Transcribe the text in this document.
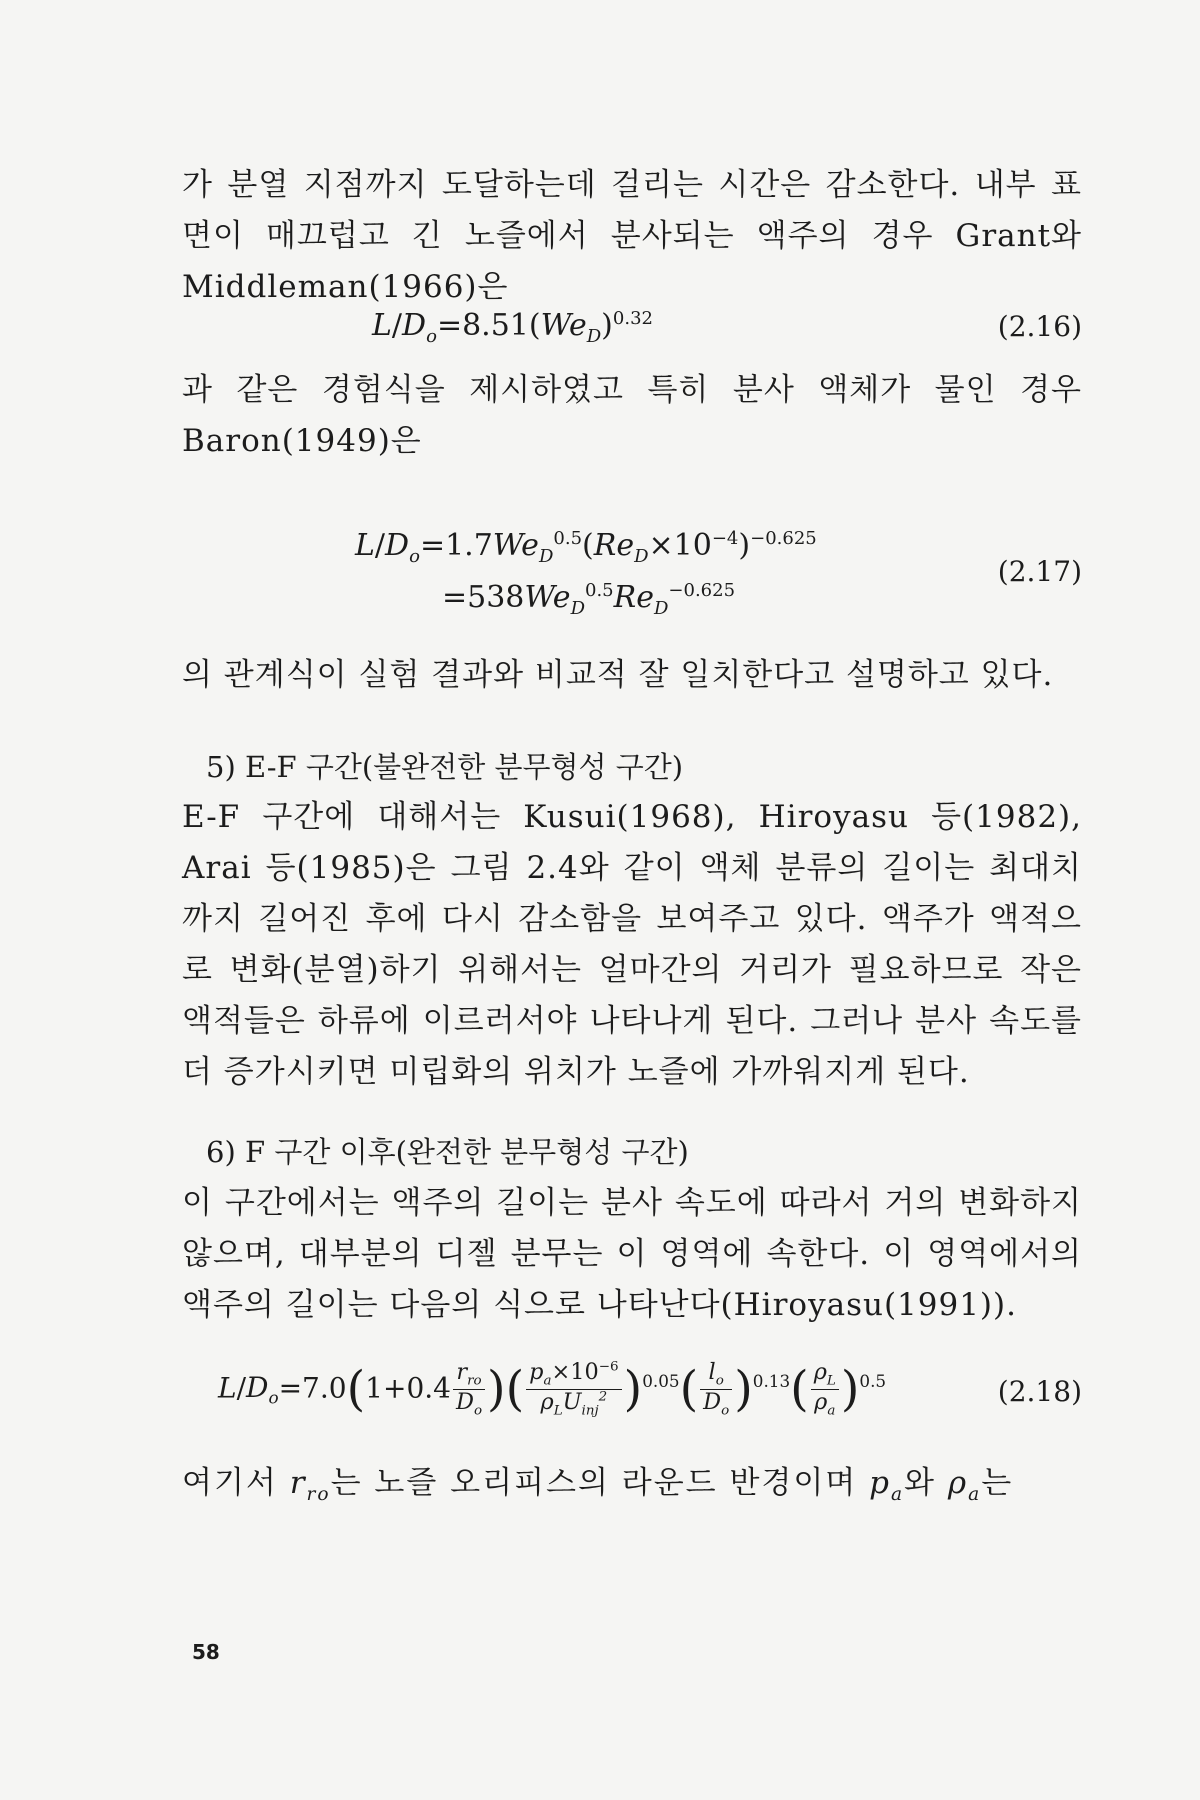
가 분열 지점까지 도달하는데 걸리는 시간은 감소한다. 내부 표면이 매끄럽고 긴 노즐에서 분사되는 액주의 경우 Grant와 Middleman(1966)은
$L/D_o=8.51(We_D)^{0.32}$	(2.16)
과 같은 경험식을 제시하였고 특히 분사 액체가 물인 경우 Baron(1949)은
$L/D_o=1.7We_D^{0.5}(Re_D\times 10^{-4})^{-0.625}$
$=538We_D^{0.5}Re_D^{-0.625}$
(2.17)
의 관계식이 실험 결과와 비교적 잘 일치한다고 설명하고 있다.
5) E-F 구간(불완전한 분무형성 구간)
E-F 구간에 대해서는 Kusui(1968), Hiroyasu 등(1982), Arai 등(1985)은 그림 2.4와 같이 액체 분류의 길이는 최대치까지 길어진 후에 다시 감소함을 보여주고 있다. 액주가 액적으로 변화(분열)하기 위해서는 얼마간의 거리가 필요하므로 작은 액적들은 하류에 이르러서야 나타나게 된다. 그러나 분사 속도를 더 증가시키면 미립화의 위치가 노즐에 가까워지게 된다.
6) F 구간 이후(완전한 분무형성 구간)
이 구간에서는 액주의 길이는 분사 속도에 따라서 거의 변화하지 않으며, 대부분의 디젤 분무는 이 영역에 속한다. 이 영역에서의 액주의 길이는 다음의 식으로 나타난다(Hiroyasu(1991)).
$L/D_o=7.0(1+0.4 \frac{r_{ro}}{D_o}$ )( $\frac{p_a\times 10^{-6}}{\rho_LU_{inj}^2} )^{0.05}( \frac{l_o}{D_o} )^{0.13}( \frac{\rho_L}{\rho_a} )^{0.5}$	(2.18)
여기서 $r_{ro}$는 노즐 오리피스의 라운드 반경이며 $p_a$와 $\rho_a$는
58
